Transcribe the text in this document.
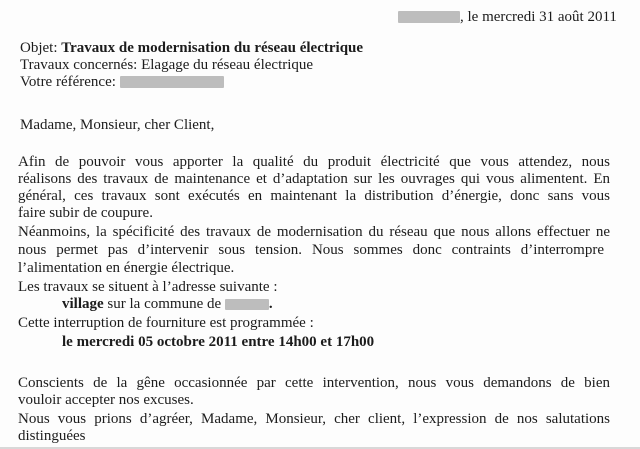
, le mercredi 31 août 2011
Objet: Travaux de modernisation du réseau électrique
Travaux concernés: Elagage du réseau électrique
Votre référence:
Madame, Monsieur, cher Client,
Afin de pouvoir vous apporter la qualité du produit électricité que vous attendez, nous
réalisons des travaux de maintenance et d’adaptation sur les ouvrages qui vous alimentent. En
général, ces travaux sont exécutés en maintenant la distribution d’énergie, donc sans vous
faire subir de coupure.
Néanmoins, la spécificité des travaux de modernisation du réseau que nous allons effectuer ne
nous permet pas d’intervenir sous tension. Nous sommes donc contraints d’interrompre
l’alimentation en énergie électrique.
Les travaux se situent à l’adresse suivante :
village sur la commune de	.
Cette interruption de fourniture est programmée :
le mercredi 05 octobre 2011 entre 14h00 et 17h00
Conscients de la gêne occasionnée par cette intervention, nous vous demandons de bien
vouloir accepter nos excuses.
Nous vous prions d’agréer, Madame, Monsieur, cher client, l’expression de nos salutations
distinguées
